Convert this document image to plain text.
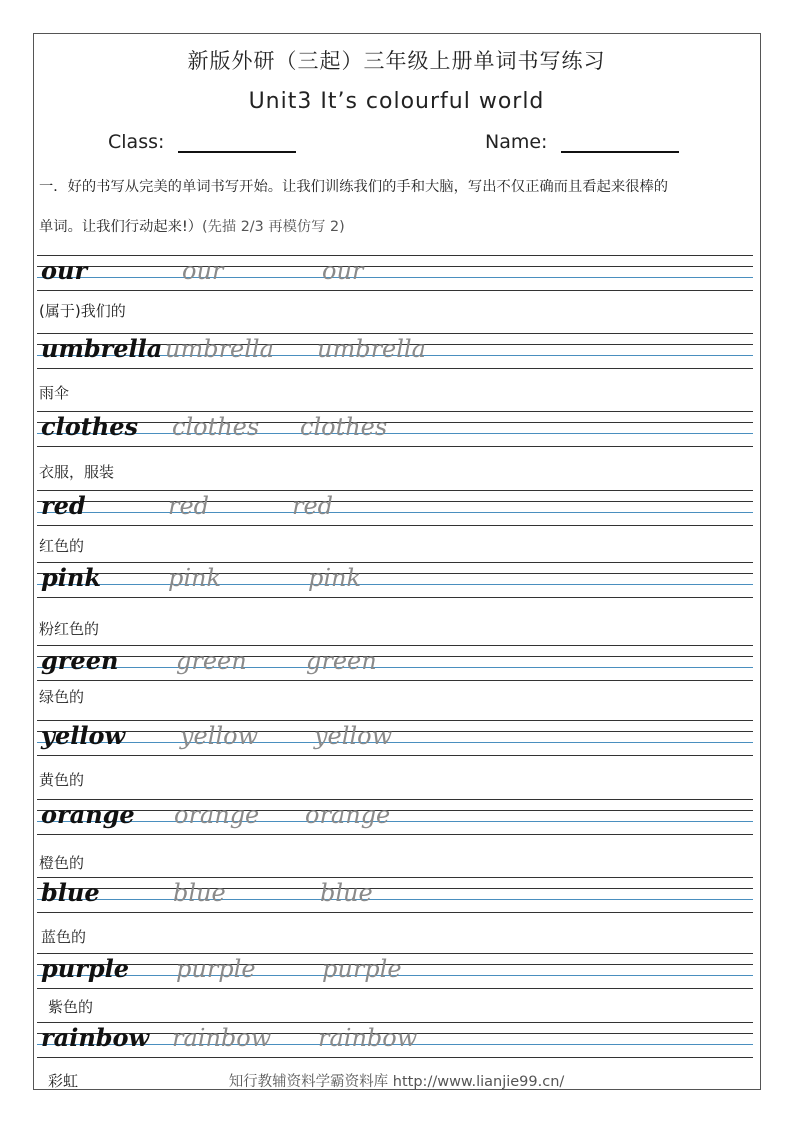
新版外研（三起）三年级上册单词书写练习
Unit3 It’s colourful world
Class:	Name:
一．好的书写从完美的单词书写开始。让我们训练我们的手和大脑，写出不仅正确而且看起来很棒的
单词。让我们行动起来!）(先描 2/3 再模仿写 2)
our	our	our
(属于)我们的
umbrella umbrella umbrella
雨伞
clothes clothes clothes
衣服，服装
red	red	red
红色的
pink	pink	pink
粉红色的
green green green
绿色的
yellow yellow yellow
黄色的
orange orange orange
橙色的
blue	blue	blue
蓝色的
purple purple	purple
紫色的
rainbow rainbow rainbow
彩虹	知行教辅资料学霸资料库 http://www.lianjie99.cn/
